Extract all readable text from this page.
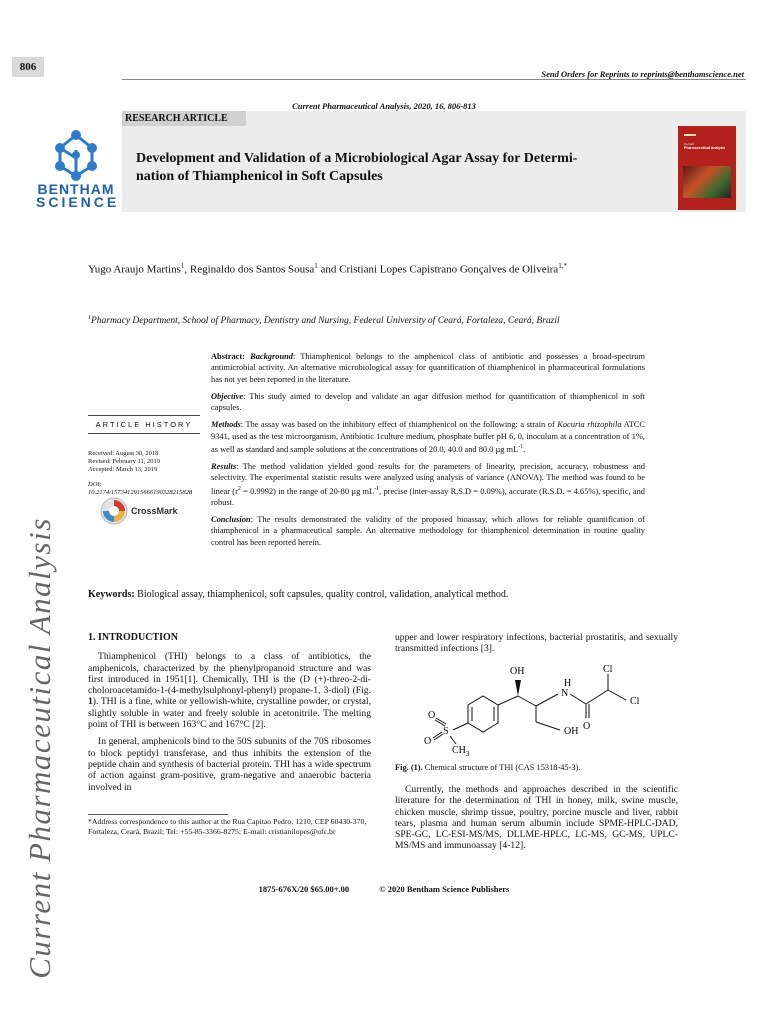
806
Send Orders for Reprints to reprints@benthamscience.net
Current Pharmaceutical Analysis, 2020, 16, 806-813
RESEARCH ARTICLE
BENTHAM
SCIENCE
Development and Validation of a Microbiological Agar Assay for Determi-
nation of Thiamphenicol in Soft Capsules
Current
Pharmaceutical Analysis
Yugo Araujo Martins$^1$, Reginaldo dos Santos Sousa$^1$ and Cristiani Lopes Capistrano Gonçalves de Oliveira$^{1,*}$
$^1$Pharmacy Department, School of Pharmacy, Dentistry and Nursing, Federal University of Ceará, Fortaleza, Ceará, Brazil

Abstract: Background: Thiamphenicol belongs to the amphenicol class of antibiotic and possesses a broad-spectrum antimicrobial activity. An alternative microbiological assay for quantification of thiamphenicol in pharmaceutical formulations has not yet been reported in the literature.

Objective: This study aimed to develop and validate an agar diffusion method for quantification of thiamphenicol in soft capsules.

Methods: The assay was based on the inhibitory effect of thiamphenicol on the following: a strain of Kocuria rhizophila ATCC 9341, used as the test microorganism, Antibiotic 1culture medium, phosphate buffer pH 6, 0, inoculum at a concentration of 1%, as well as standard and sample solutions at the concentrations of 20.0, 40.0 and 80.0 µg $mL^{-1}$.

Results: The method validation yielded good results for the parameters of linearity, precision, accuracy, robustness and selectivity. The experimental statistic results were analyzed using analysis of variance (ANOVA). The method was found to be linear $(r^2 = 0.9992)$ in the range of 20-80 µg $mL^{-1}$, precise (inter-assay R.S.D = 0.09%), accurate (R.S.D. = 4.65%), specific, and robust.

Conclusion: The results demonstrated the validity of the proposed bioassay, which allows for reliable quantification of thiamphenicol in a pharmaceutical sample. An alternative methodology for thiamphenicol determination in routine quality control has been reported herein.

ARTICLE HISTORY
Received: August 30, 2018
Revised: February 11, 2019
Accepted: March 13, 2019
DOI:
10.2174/1573412915666190328215828
CrossMark
Keywords: Biological assay, thiamphenicol, soft capsules, quality control, validation, analytical method.
Current Pharmaceutical Analysis	1. INTRODUCTION

Thiamphenicol (THI) belongs to a class of antibiotics, the amphenicols, characterized by the phenylpropanoid structure and was first introduced in 1951[1]. Chemically, THI is the (D (+)-threo-2-di-choloroacetamido-1-(4-methylsulphonyl-phenyl) propane-1, 3-diol) (Fig. 1). THI is a fine, white or yellowish-white, crystalline powder, or crystal, slightly soluble in water and freely soluble in acetonitrile. The melting point of THI is between 163°C and 167°C [2].

In general, amphenicols bind to the 50S subunits of the 70S ribosomes to block peptidyl transferase, and thus inhibits the extension of the peptide chain and synthesis of bacterial protein. THI has a wide spectrum of action against gram-positive, gram-negative and anaerobic bacteria involved in

upper and lower respiratory infections, bacterial prostatitis, and sexually transmitted infections [3].

OH	Cl
Cl
H
N
O
OH
O
S
O
$CH_3$
Fig. (1). Chemical structure of THI (CAS 15318-45-3).
Currently, the methods and approaches described in the scientific literature for the determination of THI in honey, milk, swine muscle, chicken muscle, shrimp tissue, poultry, porcine muscle and liver, rabbit tears, plasma and human serum albumin include SPME-HPLC-DAD, SPE-GC, LC-ESI-MS/MS, DLLME-HPLC, LC-MS, GC-MS, UPLC-MS/MS and immunoassay [4-12].
*Address correspondence to this author at the Rua Capitao Pedro, 1210, CEP 60430-370, Fortaleza, Ceará, Brazil; Tel: +55-85-3366-8275; E-mail: cristianilopes@ufc.br
1875-676X/20 $65.00+.00	© 2020 Bentham Science Publishers
